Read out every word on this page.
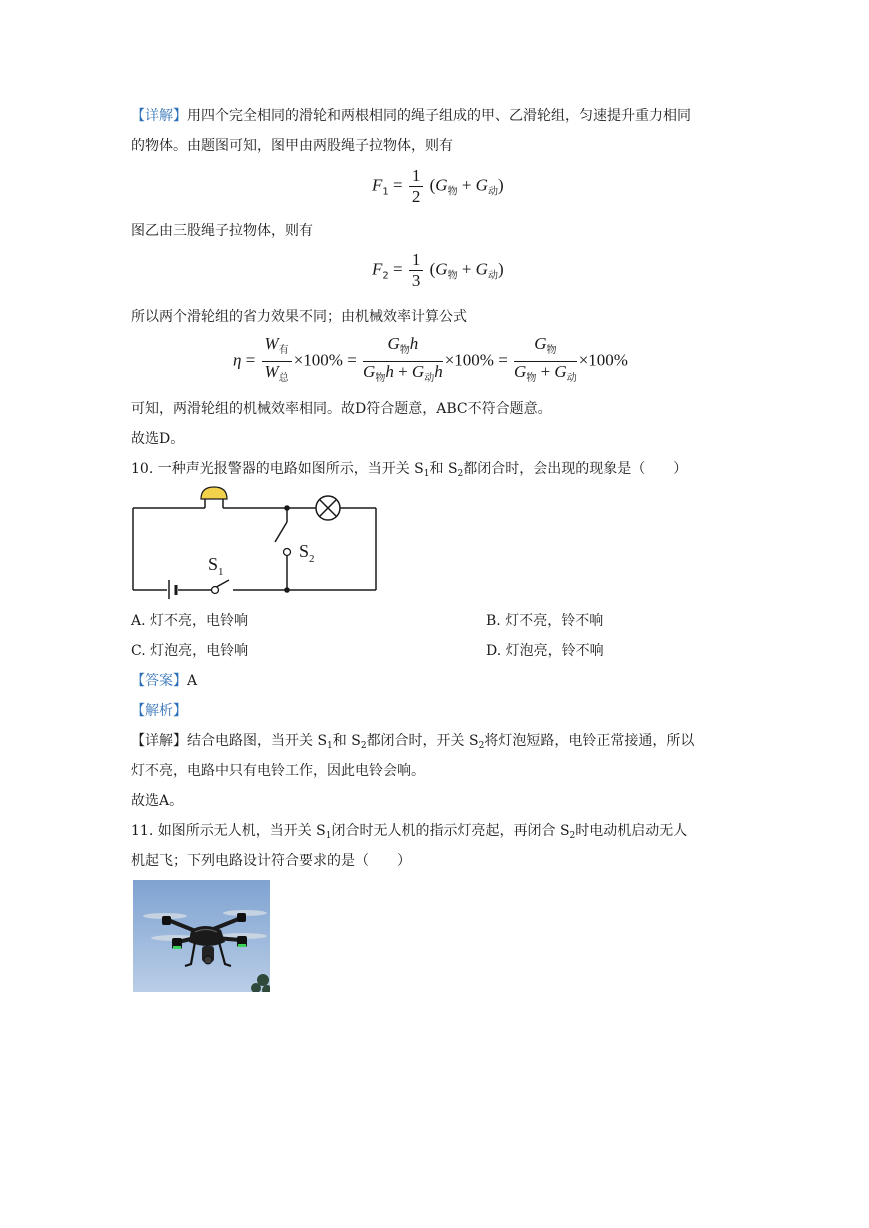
【详解】用四个完全相同的滑轮和两根相同的绳子组成的甲、乙滑轮组，匀速提升重力相同
的物体。由题图可知，图甲由两股绳子拉物体，则有
$F_1 = \frac{1}{2} (G_物 + G_动)$
图乙由三股绳子拉物体，则有
$F_2 = \frac{1}{3} (G_物 + G_动)$
所以两个滑轮组的省力效果不同；由机械效率计算公式
$\eta = \frac{W_有}{W_总} \times 100\% = \frac{G_物h}{G_物h + G_动h} \times 100\% = \frac{G_物}{G_物 + G_动} \times 100\%$
可知，两滑轮组的机械效率相同。故D符合题意，ABC不符合题意。
故选D。
10. 一种声光报警器的电路如图所示，当开关 $S_1$和 $S_2$都闭合时，会出现的现象是（　　）
$S_1$
$S_2$
A. 灯不亮，电铃响	B. 灯不亮，铃不响
C. 灯泡亮，电铃响	D. 灯泡亮，铃不响
【答案】A
【解析】
【详解】结合电路图，当开关 $S_1$和 $S_2$都闭合时，开关 $S_2$将灯泡短路，电铃正常接通，所以
灯不亮，电路中只有电铃工作，因此电铃会响。
故选A。
11. 如图所示无人机，当开关 $S_1$闭合时无人机的指示灯亮起，再闭合 $S_2$时电动机启动无人
机起飞；下列电路设计符合要求的是（　　）
